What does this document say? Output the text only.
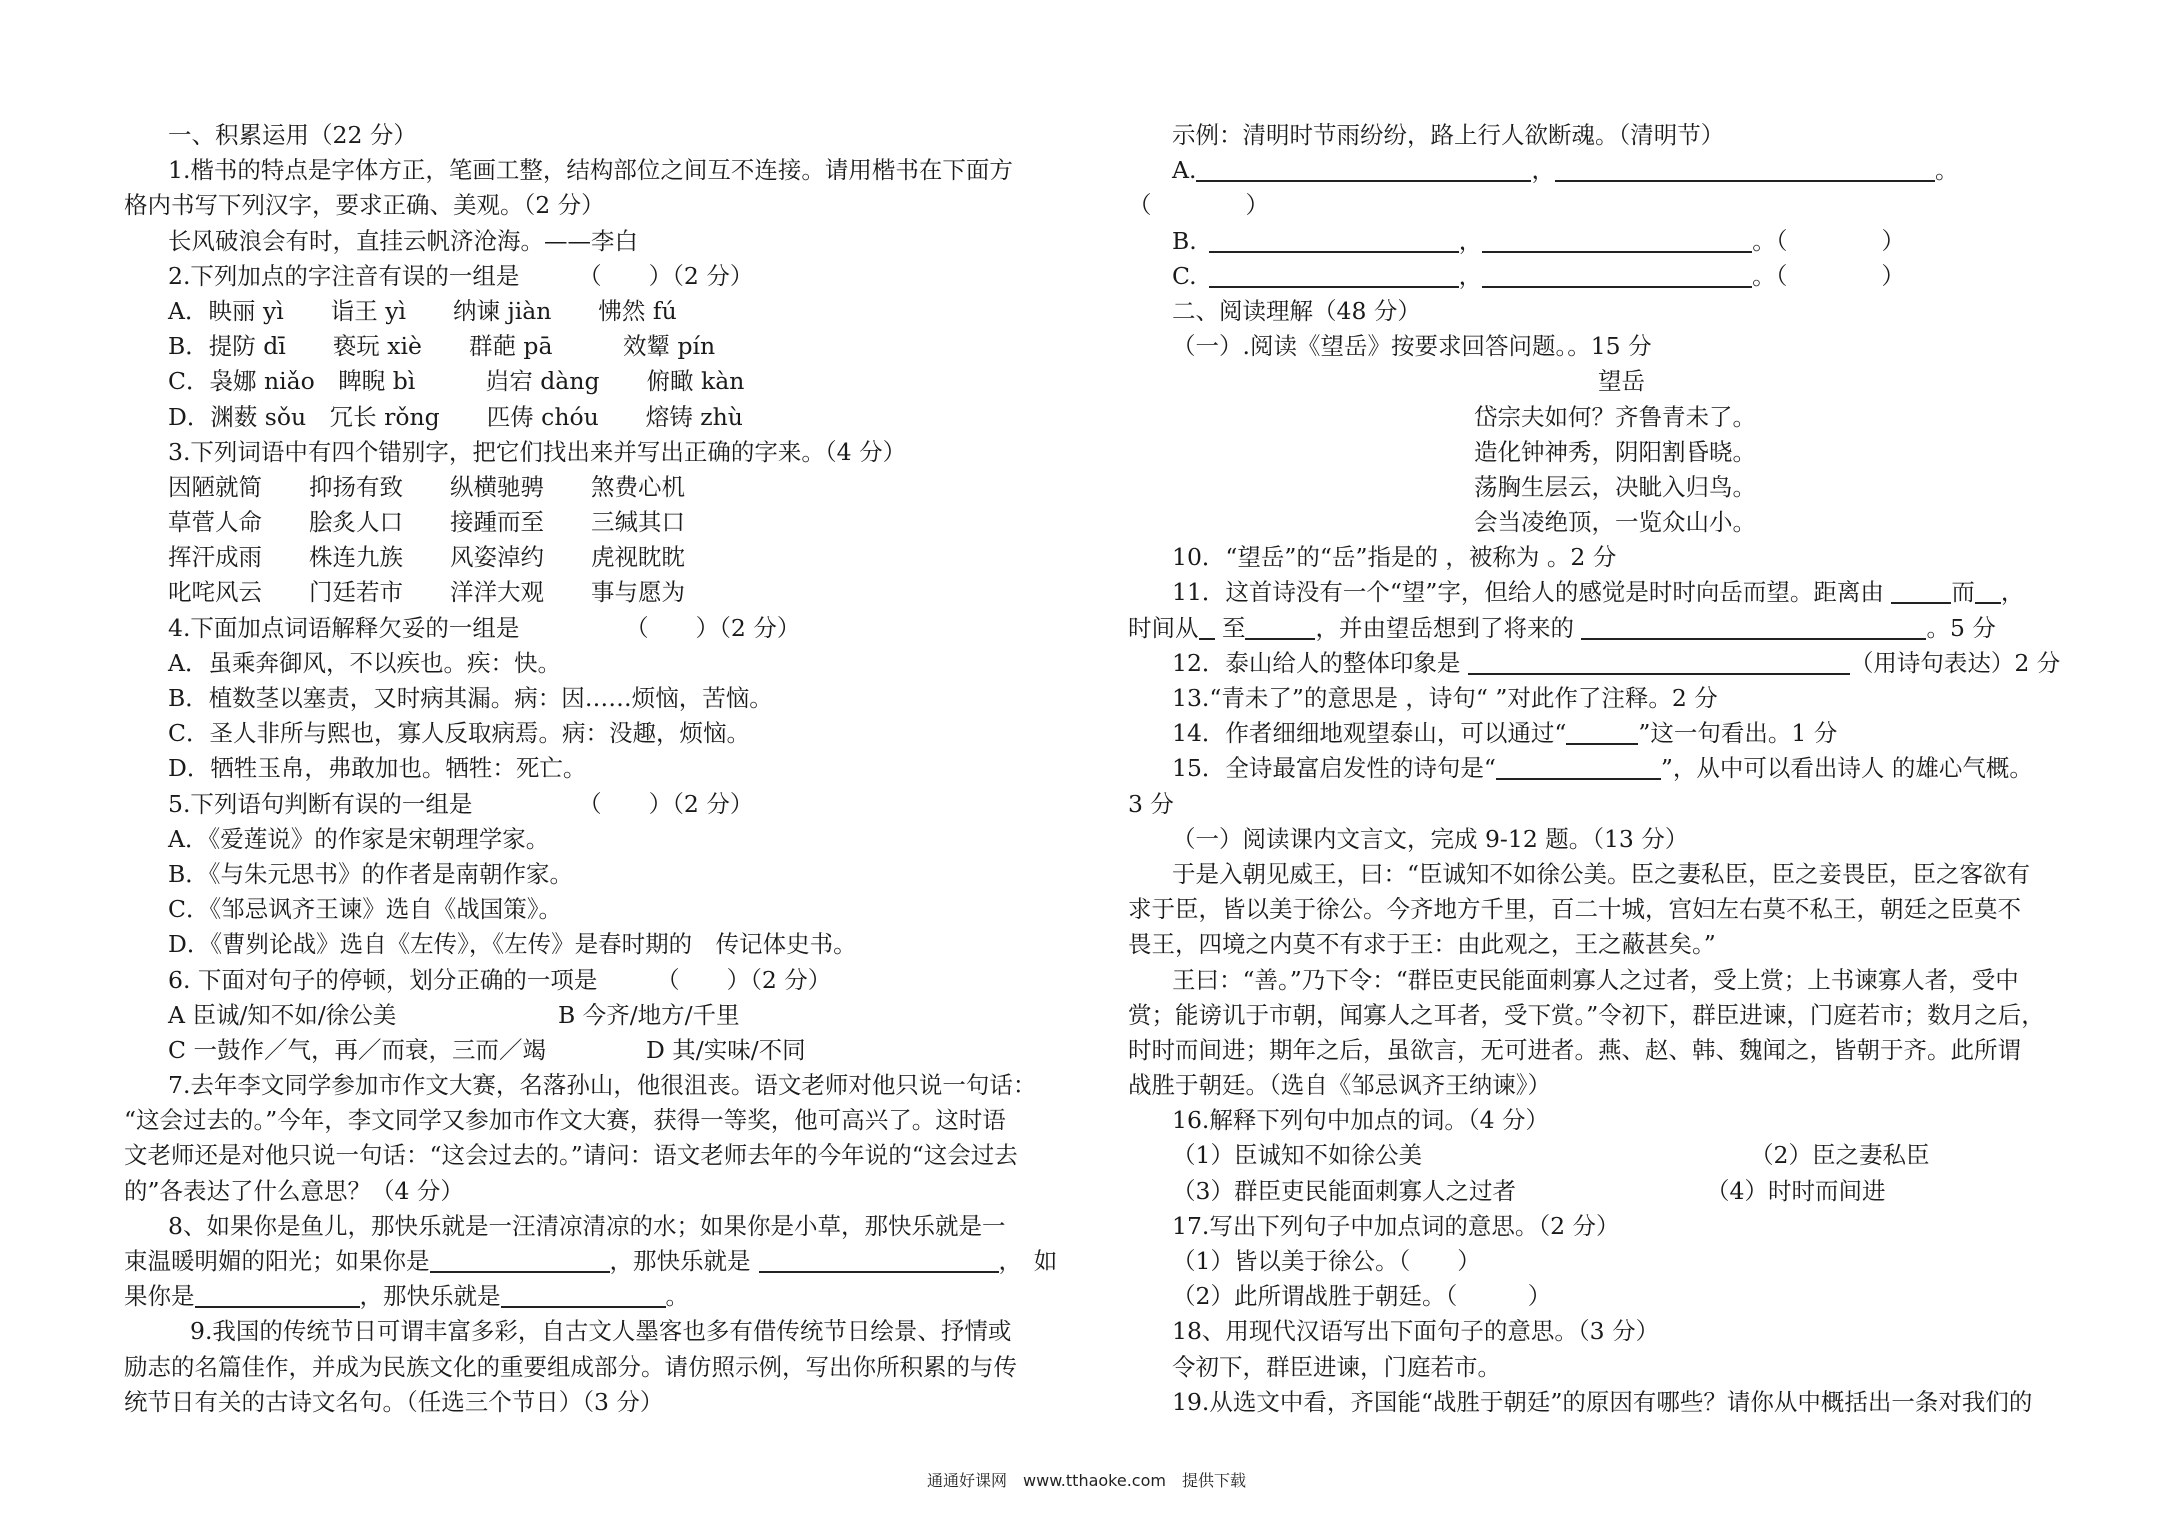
一、积累运用（22 分）
1.楷书的特点是字体方正，笔画工整，结构部位之间互不连接。请用楷书在下面方
格内书写下列汉字，要求正确、美观。（2 分）
长风破浪会有时，直挂云帆济沧海。——李白
2.下列加点的字注音有误的一组是　　　（　　）（2 分）
A．眏丽 yì　　诣王 yì　　纳谏 jiàn　　怫然 fú
B．提防 dī　　亵玩 xiè　　群葩 pā　　　效颦 pín
C．袅娜 niǎo　睥睨 bì　　　岿宕 dàng　　俯瞰 kàn
D．渊薮 sǒu　冗长 rǒng　　匹俦 chóu　　熔铸 zhù
3.下列词语中有四个错别字，把它们找出来并写出正确的字来。（4 分）
因陋就简　　抑扬有致　　纵横驰骋　　煞费心机
草菅人命　　脍炙人口　　接踵而至　　三缄其口
挥汗成雨　　株连九族　　风姿淖约　　虎视眈眈
叱咤风云　　门廷若市　　洋洋大观　　事与愿为
4.下面加点词语解释欠妥的一组是　　　　　（　　）（2 分）
A．虽乘奔御风，不以疾也。疾：快。
B．植数茎以塞责，又时病其漏。病：因……烦恼，苦恼。
C．圣人非所与熙也，寡人反取病焉。病：没趣，烦恼。
D．牺牲玉帛，弗敢加也。牺牲：死亡。
5.下列语句判断有误的一组是　　　　　（　　）（2 分）
A．《爱莲说》的作家是宋朝理学家。
B．《与朱元思书》的作者是南朝作家。
C．《邹忌讽齐王谏》选自《战国策》。
D．《曹刿论战》选自《左传》，《左传》是春时期的　传记体史书。
6. 下面对句子的停顿，划分正确的一项是　　　（　　）（2 分）
A 臣诚/知不如/徐公美	B 今齐/地方/千里
C 一鼓作／气，再／而衰，三而／竭	D 其/实味/不同
7.去年李文同学参加市作文大赛，名落孙山，他很沮丧。语文老师对他只说一句话：
“这会过去的。”今年，李文同学又参加市作文大赛，获得一等奖，他可高兴了。这时语
文老师还是对他只说一句话：“这会过去的。”请问：语文老师去年的今年说的“这会过去
的”各表达了什么意思？（4 分）
8、如果你是鱼儿，那快乐就是一汪清凉清凉的水；如果你是小草，那快乐就是一
束温暖明媚的阳光；如果你是	，那快乐就是	，　如
果你是	，那快乐就是	。
9.我国的传统节日可谓丰富多彩，自古文人墨客也多有借传统节日绘景、抒情或
励志的名篇佳作，并成为民族文化的重要组成部分。请仿照示例，写出你所积累的与传
统节日有关的古诗文名句。（任选三个节日）（3 分）
示例：清明时节雨纷纷，路上行人欲断魂。（清明节）
A.	，	。
（　　　　）
B.	，	。（　　　　）
C.	，	。（　　　　）
二、阅读理解（48 分）
（一）.阅读《望岳》按要求回答问题。。15 分
望岳
岱宗夫如何？齐鲁青未了。
造化钟神秀，阴阳割昏晓。
荡胸生层云，决眦入归鸟。
会当凌绝顶，一览众山小。
10．“望岳”的“岳”指是的 ，被称为 。2 分
11．这首诗没有一个“望”字，但给人的感觉是时时向岳而望。距离由	而 ，
时间从 至	，并由望岳想到了将来的	。5 分
12．泰山给人的整体印象是	（用诗句表达）2 分
13.“青未了”的意思是 ，诗句“ ”对此作了注释。2 分
14．作者细细地观望泰山，可以通过“	”这一句看出。1 分
15．全诗最富启发性的诗句是“	”，从中可以看出诗人 的雄心气概。
3 分
（一）阅读课内文言文，完成 9-12 题。（13 分）
于是入朝见威王，曰：“臣诚知不如徐公美。臣之妻私臣，臣之妾畏臣，臣之客欲有
求于臣，皆以美于徐公。今齐地方千里，百二十城，宫妇左右莫不私王，朝廷之臣莫不
畏王，四境之内莫不有求于王：由此观之，王之蔽甚矣。”
王曰：“善。”乃下令：“群臣吏民能面刺寡人之过者，受上赏；上书谏寡人者，受中
赏；能谤讥于市朝，闻寡人之耳者，受下赏。”令初下，群臣进谏，门庭若市；数月之后，
时时而间进；期年之后，虽欲言，无可进者。燕、赵、韩、魏闻之，皆朝于齐。此所谓
战胜于朝廷。（选自《邹忌讽齐王纳谏》）
16.解释下列句中加点的词。（4 分）
（1）臣诚知不如徐公美	（2）臣之妻私臣
（3）群臣吏民能面刺寡人之过者	（4）时时而间进
17.写出下列句子中加点词的意思。（2 分）
（1）皆以美于徐公。（　　）
（2）此所谓战胜于朝廷。（　　　）
18、用现代汉语写出下面句子的意思。（3 分）
令初下，群臣进谏，门庭若市。
19.从选文中看，齐国能“战胜于朝廷”的原因有哪些？请你从中概括出一条对我们的
通通好课网　www.tthaoke.com　提供下载
